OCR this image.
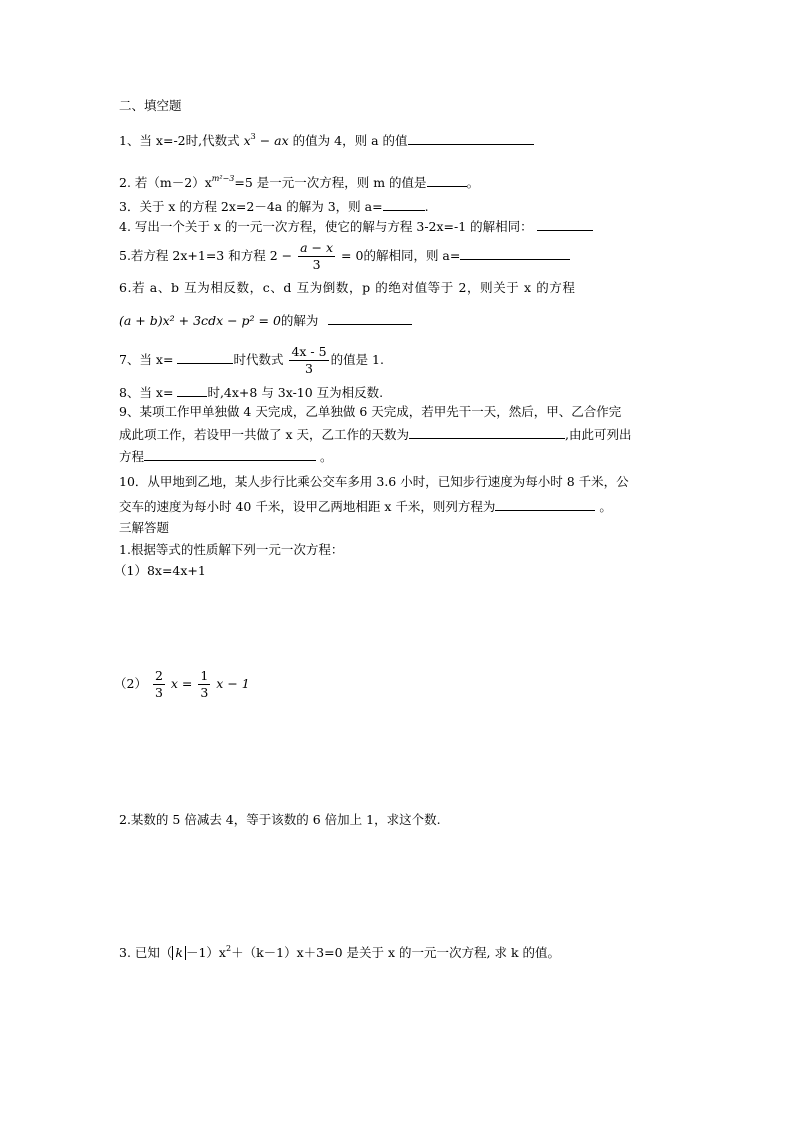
二、填空题
1、当 x=-2时,代数式 $x^3$ − ax 的值为 4，则 a 的值
2. 若$(m-2)x^{m^2-3}=5$ 是一元一次方程，则 m 的值是	。
3．关于 x 的方程 2x=2－4a 的解为 3，则 a=	.
4. 写出一个关于 x 的一元一次方程，使它的解与方程 3-2x=-1 的解相同：
5.若方程 2x+1=3 和方程 $2 - \frac{a - x}{3} = 0$的解相同，则 a=
6.若 a、b 互为相反数，c、d 互为倒数，p 的绝对值等于 2，则关于 x 的方程
(a + b)x² + 3cdx − p² = 0的解为
7、当 x=	时代数式 $\frac{4x - 5}{3}$ 的值是 1.
8、当 x=	时,4x+8 与 3x-10 互为相反数.
9、某项工作甲单独做 4 天完成，乙单独做 6 天完成，若甲先干一天，然后，甲、乙合作完
成此项工作，若设甲一共做了 x 天，乙工作的天数为	,由此可列出
方程	。
10．从甲地到乙地，某人步行比乘公交车多用 3.6 小时，已知步行速度为每小时 8 千米，公
交车的速度为每小时 40 千米，设甲乙两地相距 x 千米，则列方程为	。
三解答题
1.根据等式的性质解下列一元一次方程：
（1）8x=4x+1
$(2) \frac{2}{3}$ $x = \frac{1}{3}$ x − 1
2.某数的 5 倍减去 4，等于该数的 6 倍加上 1，求这个数.
3. 已知（ $k -1)x^2+(k-1)x+3=0$ 是关于 x 的一元一次方程, 求 k 的值。
